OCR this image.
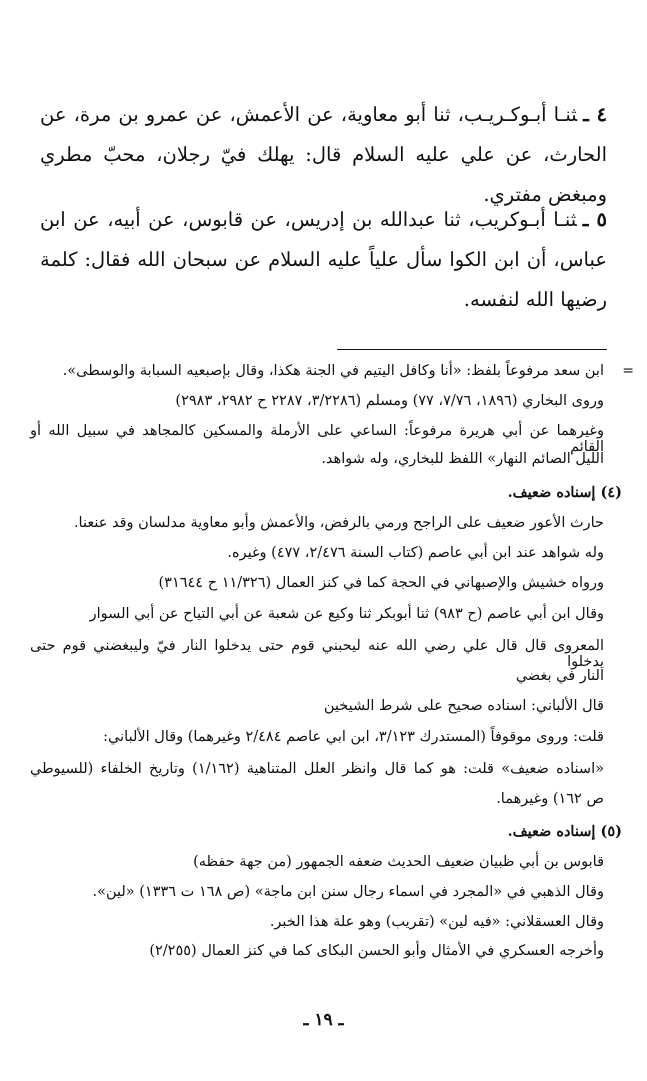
٤ ـثنـا أبـوكـريـب، ثنا أبو معاوية، عن الأعمش، عن عمرو بن مرة، عن الحارث، عن علي عليه السلام قال: يهلك فيّ رجلان، محبّ مطري ومبغض مفتري.
٥ ـثنـا أبـوكريب، ثنا عبدالله بن إدريس، عن قابوس، عن أبيه، عن ابن عباس، أن ابن الكوا سأل علياً عليه السلام عن سبحان الله فقال: كلمة رضيها الله لنفسه.
=
ابن سعد مرفوعاً بلفظ: «أنا وكافل اليتيم في الجنة هكذا، وقال بإصبعيه السبابة والوسطى».
وروى البخاري (١٨٩٦، ٧/٧٦، ٧٧) ومسلم (٣/٢٢٨٦، ٢٢٨٧ ح ٢٩٨٢، ٢٩٨٣)
وغيرهما عن أبي هريرة مرفوعاً: الساعي على الأرملة والمسكين كالمجاهد في سبيل الله أو القائم
الليل الصائم النهار» اللفظ للبخاري، وله شواهد.
(٤) إسناده ضعيف.
حارث الأعور ضعيف على الراجح ورمي بالرفض، والأعمش وأبو معاوية مدلسان وقد عنعنا.
وله شواهد عند ابن أبي عاصم (كتاب السنة ٢/٤٧٦، ٤٧٧) وغيره.
ورواه خشيش والإصبهاني في الحجة كما في كنز العمال (١١/٣٢٦ ح ٣١٦٤٤)
وقال ابن أبي عاصم (ح ٩٨٣) ثنا أبوبكر ثنا وكيع عن شعبة عن أبي التياح عن أبي السوار
المعروى قال قال علي رضي الله عنه ليحبني قوم حتى يدخلوا النار فيّ وليبغضني قوم حتى يدخلوا
النار في بغضي
قال الألباني: اسناده صحيح على شرط الشيخين
قلت: وروى موقوفاً (المستدرك ٣/١٢٣، ابن ابي عاصم ٢/٤٨٤ وغيرهما) وقال الألباني:
«اسناده ضعيف» قلت: هو كما قال وانظر العلل المتناهية (١/١٦٢) وتاريخ الخلفاء (للسيوطي
ص ١٦٢) وغيرهما.
(٥) إسناده ضعيف.
قابوس بن أبي ظبيان ضعيف الحديث ضعفه الجمهور (من جهة حفظه)
وقال الذهبي في «المجرد في اسماء رجال سنن ابن ماجة» (ص ١٦٨ ت ١٣٣٦) «لين».
وقال العسقلاني: «فيه لين» (تقريب) وهو علة هذا الخبر.
وأخرجه العسكري في الأمثال وأبو الحسن البكاى كما في كنز العمال (٢/٢٥٥)
ـ ١٩ ـ
